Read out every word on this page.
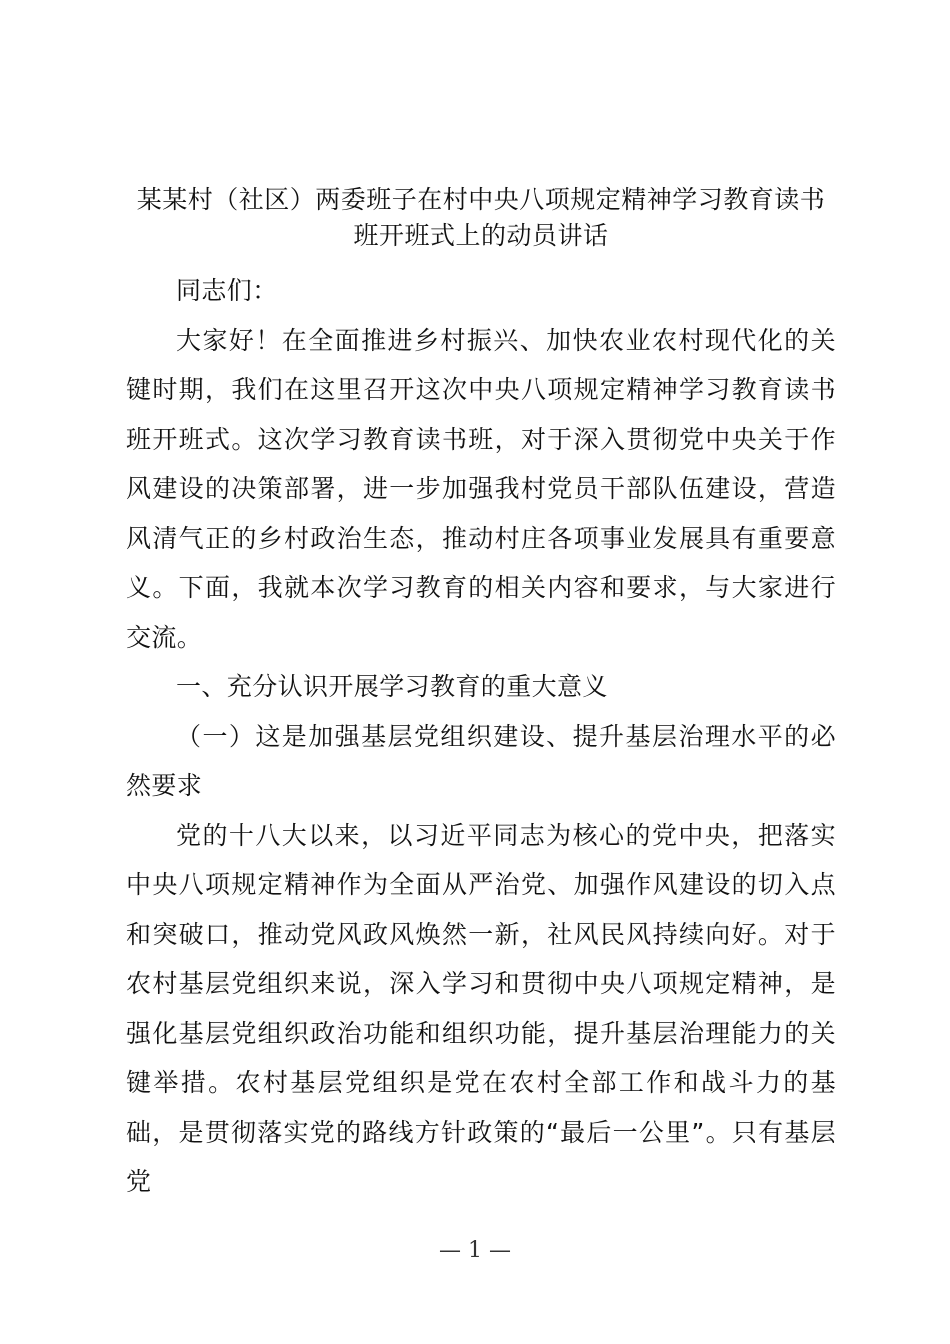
某某村（社区）两委班子在村中央八项规定精神学习教育读书
班开班式上的动员讲话

同志们：

大家好！在全面推进乡村振兴、加快农业农村现代化的关键时期，我们在这里召开这次中央八项规定精神学习教育读书班开班式。这次学习教育读书班，对于深入贯彻党中央关于作风建设的决策部署，进一步加强我村党员干部队伍建设，营造风清气正的乡村政治生态，推动村庄各项事业发展具有重要意义。下面，我就本次学习教育的相关内容和要求，与大家进行交流。

一、充分认识开展学习教育的重大意义

（一）这是加强基层党组织建设、提升基层治理水平的必然要求

党的十八大以来，以习近平同志为核心的党中央，把落实中央八项规定精神作为全面从严治党、加强作风建设的切入点和突破口，推动党风政风焕然一新，社风民风持续向好。对于农村基层党组织来说，深入学习和贯彻中央八项规定精神，是强化基层党组织政治功能和组织功能，提升基层治理能力的关键举措。农村基层党组织是党在农村全部工作和战斗力的基础，是贯彻落实党的路线方针政策的“最后一公里”。只有基层党

— 1 —
